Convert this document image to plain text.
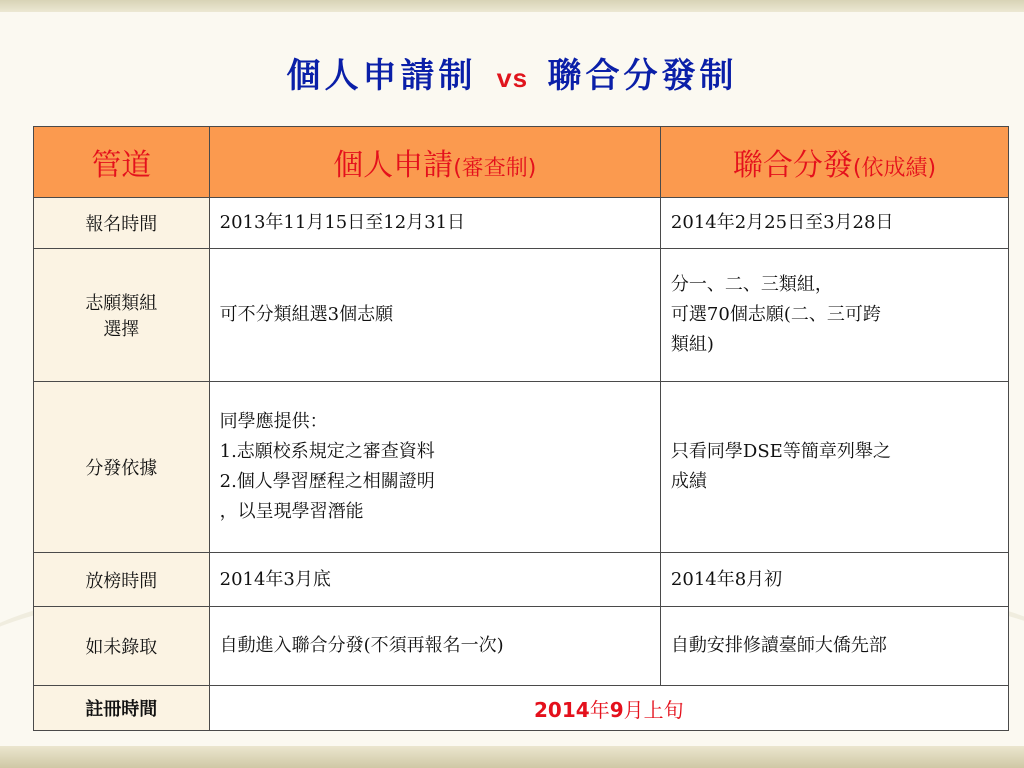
個人申請制 vs 聯合分發制
管道	個人申請(審查制)	聯合分發(依成績)
報名時間	2013年11月15日至12月31日	2014年2月25日至3月28日

志願類組
選擇	可不分類組選3個志願	分一、二、三類組，
可選70個志願(二、三可跨
類組)

分發依據	同學應提供：
1.志願校系規定之審查資料
2.個人學習歷程之相關證明
，以呈現學習潛能	只看同學DSE等簡章列舉之
成績

放榜時間	2014年3月底	2014年8月初
如未錄取	自動進入聯合分發(不須再報名一次)	自動安排修讀臺師大僑先部
註冊時間	2014年9月上旬	
